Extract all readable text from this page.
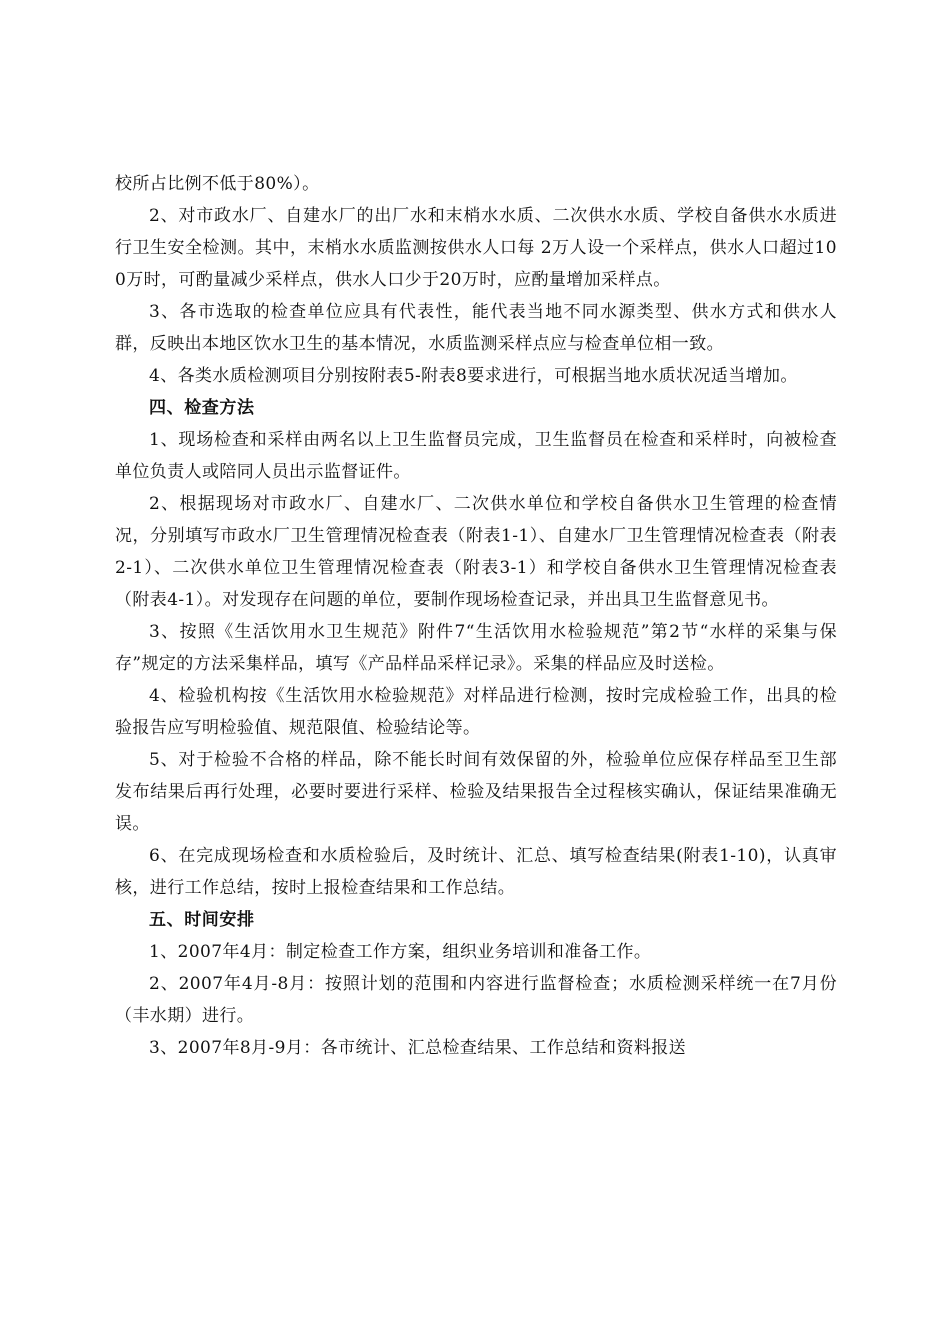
校所占比例不低于80%）。

2、对市政水厂、自建水厂的出厂水和末梢水水质、二次供水水质、学校自备供水水质进行卫生安全检测。其中，末梢水水质监测按供水人口每 2万人设一个采样点，供水人口超过100万时，可酌量减少采样点，供水人口少于20万时，应酌量增加采样点。

3、各市选取的检查单位应具有代表性，能代表当地不同水源类型、供水方式和供水人群，反映出本地区饮水卫生的基本情况，水质监测采样点应与检查单位相一致。

4、各类水质检测项目分别按附表5-附表8要求进行，可根据当地水质状况适当增加。

四、检查方法

1、现场检查和采样由两名以上卫生监督员完成，卫生监督员在检查和采样时，向被检查单位负责人或陪同人员出示监督证件。

2、根据现场对市政水厂、自建水厂、二次供水单位和学校自备供水卫生管理的检查情况，分别填写市政水厂卫生管理情况检查表（附表1-1）、自建水厂卫生管理情况检查表（附表2-1）、二次供水单位卫生管理情况检查表（附表3-1）和学校自备供水卫生管理情况检查表（附表4-1）。对发现存在问题的单位，要制作现场检查记录，并出具卫生监督意见书。

3、按照《生活饮用水卫生规范》附件7“生活饮用水检验规范”第2节“水样的采集与保存”规定的方法采集样品，填写《产品样品采样记录》。采集的样品应及时送检。

4、检验机构按《生活饮用水检验规范》对样品进行检测，按时完成检验工作，出具的检验报告应写明检验值、规范限值、检验结论等。

5、对于检验不合格的样品，除不能长时间有效保留的外，检验单位应保存样品至卫生部发布结果后再行处理，必要时要进行采样、检验及结果报告全过程核实确认，保证结果准确无误。

6、在完成现场检查和水质检验后，及时统计、汇总、填写检查结果(附表1-10)，认真审核，进行工作总结，按时上报检查结果和工作总结。

五、时间安排

1、2007年4月：制定检查工作方案，组织业务培训和准备工作。

2、2007年4月-8月：按照计划的范围和内容进行监督检查；水质检测采样统一在7月份（丰水期）进行。

3、2007年8月-9月：各市统计、汇总检查结果、工作总结和资料报送
